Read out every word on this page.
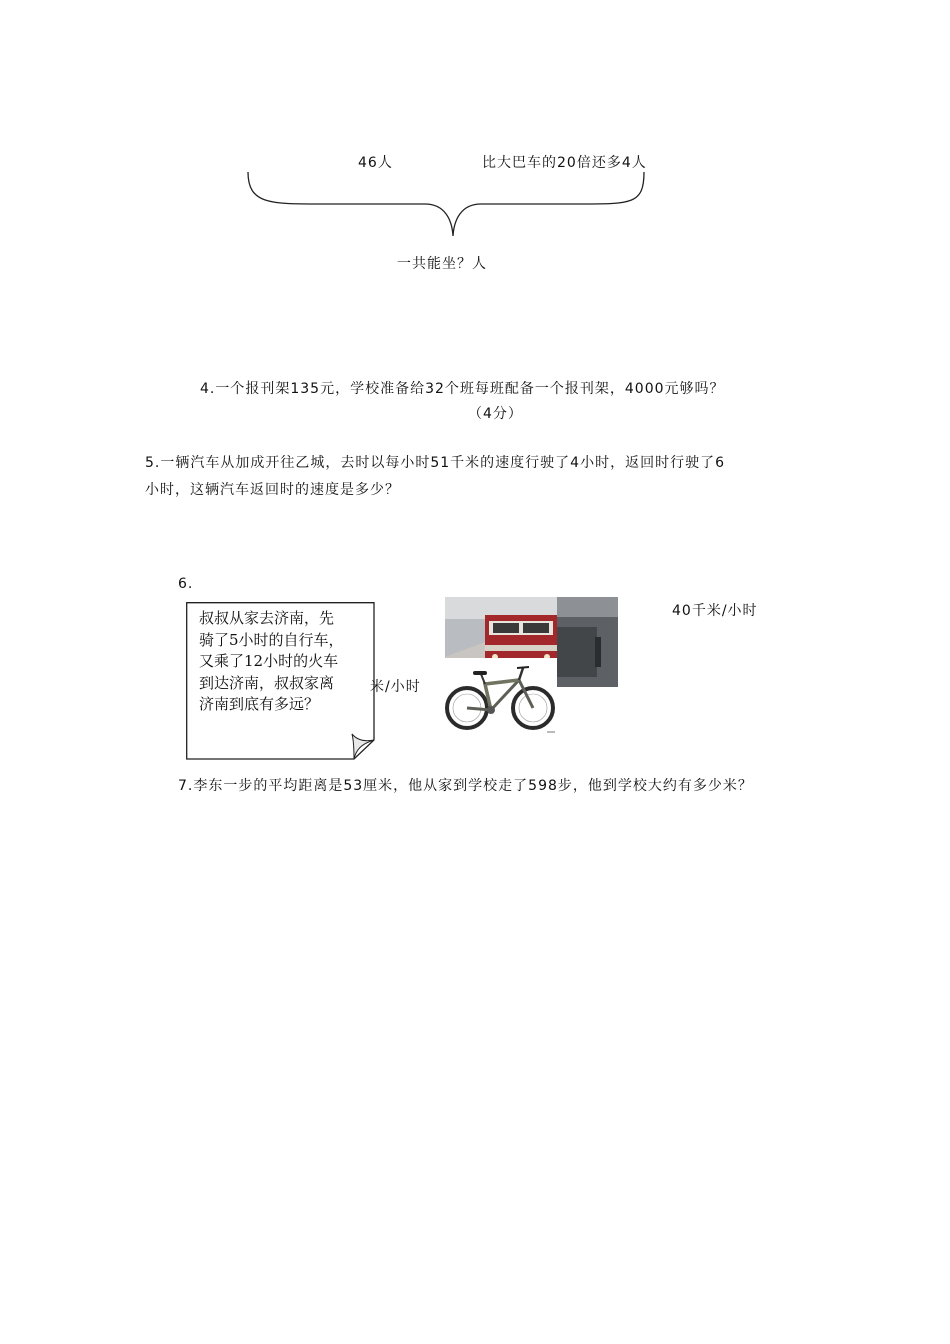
46人	比大巴车的20倍还多4人
一共能坐？人
4.一个报刊架135元，学校准备给32个班每班配备一个报刊架，4000元够吗？
（4分）
5.一辆汽车从加成开往乙城，去时以每小时51千米的速度行驶了4小时，返回时行驶了6
小时，这辆汽车返回时的速度是多少？
6.
叔叔从家去济南，先
骑了5小时的自行车，
又乘了12小时的火车
到达济南，叔叔家离
济南到底有多远？
米/小时
40千米/小时
7.李东一步的平均距离是53厘米，他从家到学校走了598步，他到学校大约有多少米？
